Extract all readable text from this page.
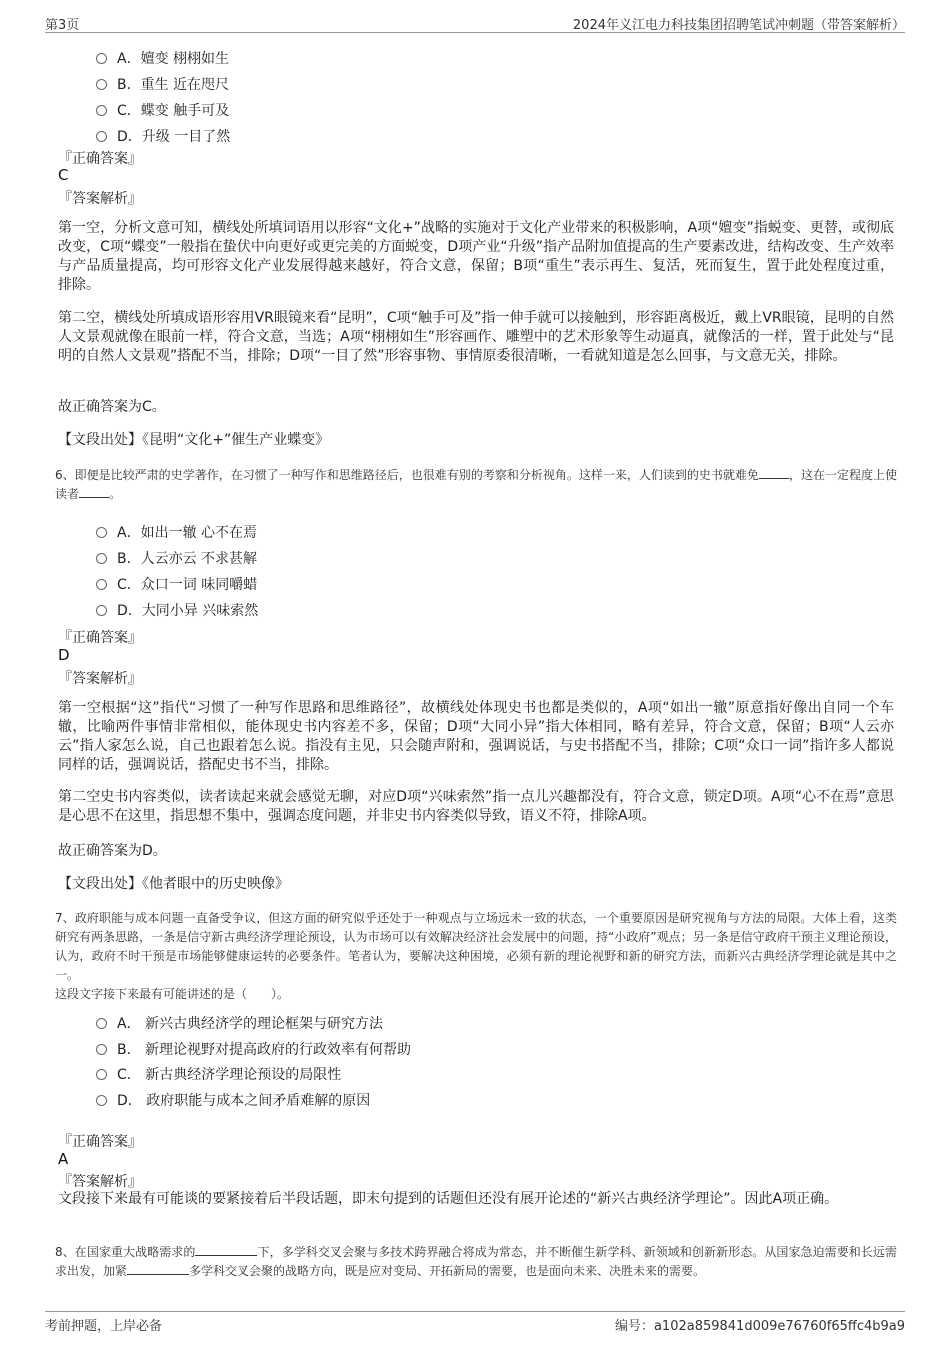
第3页	2024年义江电力科技集团招聘笔试冲刺题（带答案解析）
A．嬗变 栩栩如生
B．重生 近在咫尺
C．蝶变 触手可及
D．升级 一目了然
『正确答案』
C
『答案解析』
第一空，分析文意可知，横线处所填词语用以形容“文化+”战略的实施对于文化产业带来的积极影响，A项“嬗变”指蜕变、更替，或彻底改变，C项“蝶变”一般指在蛰伏中向更好或更完美的方面蜕变，D项产业“升级”指产品附加值提高的生产要素改进，结构改变、生产效率与产品质量提高，均可形容文化产业发展得越来越好，符合文意，保留；B项“重生”表示再生、复活，死而复生，置于此处程度过重，排除。
第二空，横线处所填成语形容用VR眼镜来看“昆明”，C项“触手可及”指一伸手就可以接触到，形容距离极近，戴上VR眼镜，昆明的自然人文景观就像在眼前一样，符合文意，当选；A项“栩栩如生”形容画作、雕塑中的艺术形象等生动逼真，就像活的一样，置于此处与“昆明的自然人文景观”搭配不当，排除；D项“一目了然”形容事物、事情原委很清晰，一看就知道是怎么回事，与文意无关，排除。
故正确答案为C。
【文段出处】《昆明“文化+”催生产业蝶变》
6、即便是比较严肃的史学著作，在习惯了一种写作和思维路径后，也很难有别的考察和分析视角。这样一来，人们读到的史书就难免	，这在一定程度上使读者	。
A．如出一辙 心不在焉
B．人云亦云 不求甚解
C．众口一词 味同嚼蜡
D．大同小异 兴味索然
『正确答案』
D
『答案解析』
第一空根据“这”指代“习惯了一种写作思路和思维路径”，故横线处体现史书也都是类似的，A项“如出一辙”原意指好像出自同一个车辙，比喻两件事情非常相似，能体现史书内容差不多，保留；D项“大同小异”指大体相同，略有差异，符合文意，保留；B项“人云亦云”指人家怎么说，自己也跟着怎么说。指没有主见，只会随声附和，强调说话，与史书搭配不当，排除；C项“众口一词”指许多人都说同样的话，强调说话，搭配史书不当，排除。
第二空史书内容类似，读者读起来就会感觉无聊，对应D项“兴味索然”指一点儿兴趣都没有，符合文意，锁定D项。A项“心不在焉”意思是心思不在这里，指思想不集中，强调态度问题，并非史书内容类似导致，语义不符，排除A项。
故正确答案为D。
【文段出处】《他者眼中的历史映像》
7、政府职能与成本问题一直备受争议，但这方面的研究似乎还处于一种观点与立场远未一致的状态，一个重要原因是研究视角与方法的局限。大体上看，这类研究有两条思路，一条是信守新古典经济学理论预设，认为市场可以有效解决经济社会发展中的问题，持“小政府”观点；另一条是信守政府干预主义理论预设，认为，政府不时干预是市场能够健康运转的必要条件。笔者认为，要解决这种困境，必须有新的理论视野和新的研究方法，而新兴古典经济学理论就是其中之一。
这段文字接下来最有可能讲述的是（　　）。
A． 新兴古典经济学的理论框架与研究方法
B． 新理论视野对提高政府的行政效率有何帮助
C． 新古典经济学理论预设的局限性
D． 政府职能与成本之间矛盾难解的原因
『正确答案』
A
『答案解析』
文段接下来最有可能谈的要紧接着后半段话题，即末句提到的话题但还没有展开论述的“新兴古典经济学理论”。因此A项正确。
8、在国家重大战略需求的	下，多学科交叉会聚与多技术跨界融合将成为常态，并不断催生新学科、新领域和创新新形态。从国家急迫需要和长远需求出发，加紧	多学科交叉会聚的战略方向，既是应对变局、开拓新局的需要，也是面向未来、决胜未来的需要。
考前押题，上岸必备	编号：a102a859841d009e76760f65ffc4b9a9
